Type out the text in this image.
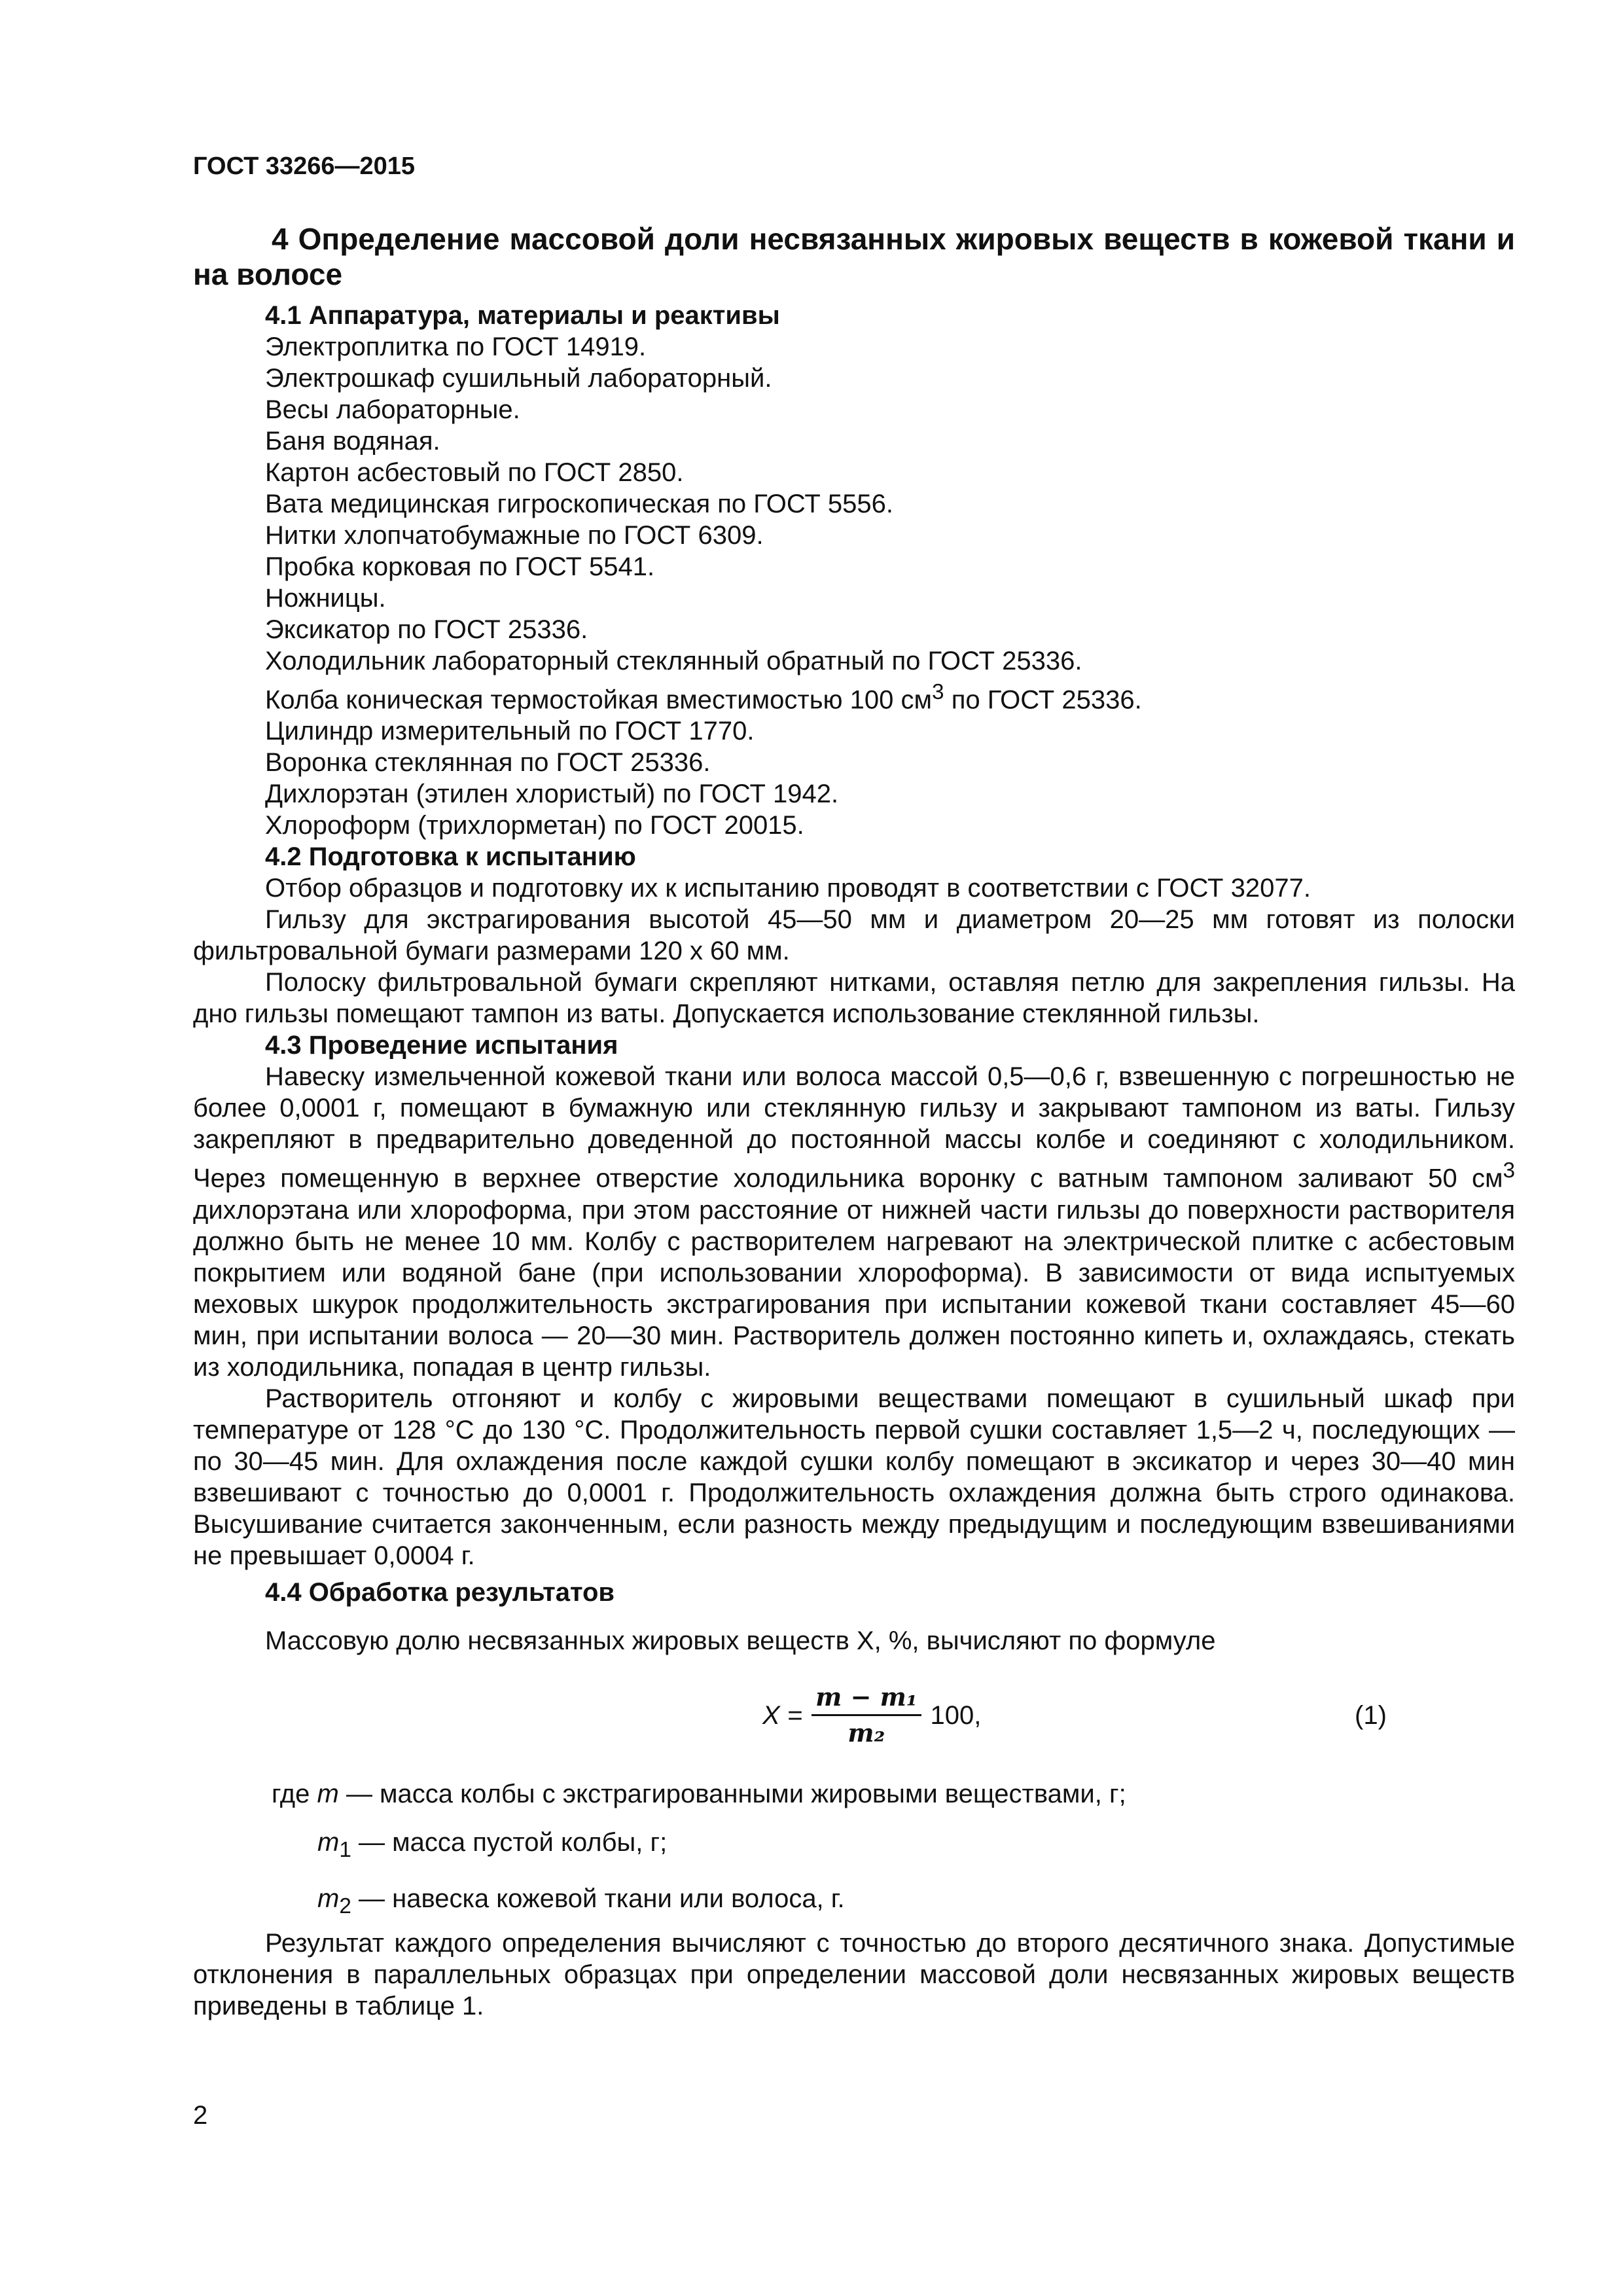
ГОСТ 33266—2015
4 Определение массовой доли несвязанных жировых веществ в кожевой ткани и на волосе
4.1 Аппаратура, материалы и реактивы
Электроплитка по ГОСТ 14919.
Электрошкаф сушильный лабораторный.
Весы лабораторные.
Баня водяная.
Картон асбестовый по ГОСТ 2850.
Вата медицинская гигроскопическая по ГОСТ 5556.
Нитки хлопчатобумажные по ГОСТ 6309.
Пробка корковая по ГОСТ 5541.
Ножницы.
Эксикатор по ГОСТ 25336.
Холодильник лабораторный стеклянный обратный по ГОСТ 25336.
Колба коническая термостойкая вместимостью 100 $см^3$ по ГОСТ 25336.
Цилиндр измерительный по ГОСТ 1770.
Воронка стеклянная по ГОСТ 25336.
Дихлорэтан (этилен хлористый) по ГОСТ 1942.
Хлороформ (трихлорметан) по ГОСТ 20015.
4.2 Подготовка к испытанию
Отбор образцов и подготовку их к испытанию проводят в соответствии с ГОСТ 32077.
Гильзу для экстрагирования высотой 45—50 мм и диаметром 20—25 мм готовят из полоски фильтровальной бумаги размерами 120 х 60 мм.
Полоску фильтровальной бумаги скрепляют нитками, оставляя петлю для закрепления гильзы. На дно гильзы помещают тампон из ваты. Допускается использование стеклянной гильзы.
4.3 Проведение испытания
Навеску измельченной кожевой ткани или волоса массой 0,5—0,6 г, взвешенную с погрешностью не более 0,0001 г, помещают в бумажную или стеклянную гильзу и закрывают тампоном из ваты. Гильзу закрепляют в предварительно доведенной до постоянной массы колбе и соединяют с холодильником. Через помещенную в верхнее отверстие холодильника воронку с ватным тампоном заливают 50 $см^3$ дихлорэтана или хлороформа, при этом расстояние от нижней части гильзы до поверхности растворителя должно быть не менее 10 мм. Колбу с растворителем нагревают на электрической плитке с асбестовым покрытием или водяной бане (при использовании хлороформа). В зависимости от вида испытуемых меховых шкурок продолжительность экстрагирования при испытании кожевой ткани составляет 45—60 мин, при испытании волоса — 20—30 мин. Растворитель должен постоянно кипеть и, охлаждаясь, стекать из холодильника, попадая в центр гильзы.
Растворитель отгоняют и колбу с жировыми веществами помещают в сушильный шкаф при температуре от 128 °С до 130 °С. Продолжительность первой сушки составляет 1,5—2 ч, последующих — по 30—45 мин. Для охлаждения после каждой сушки колбу помещают в эксикатор и через 30—40 мин взвешивают с точностью до 0,0001 г. Продолжительность охлаждения должна быть строго одинакова. Высушивание считается законченным, если разность между предыдущим и последующим взвешиваниями не превышает 0,0004 г.
4.4 Обработка результатов
Массовую долю несвязанных жировых веществ Х, %, вычисляют по формуле
$X = \frac{\text{m − m₁}}{\text{m₂}} 100$,	(1)
где m — масса колбы с экстрагированными жировыми веществами, г;
$m_1$ — масса пустой колбы, г;
$m_2$ — навеска кожевой ткани или волоса, г.
Результат каждого определения вычисляют с точностью до второго десятичного знака. Допустимые отклонения в параллельных образцах при определении массовой доли несвязанных жировых веществ приведены в таблице 1.
2
